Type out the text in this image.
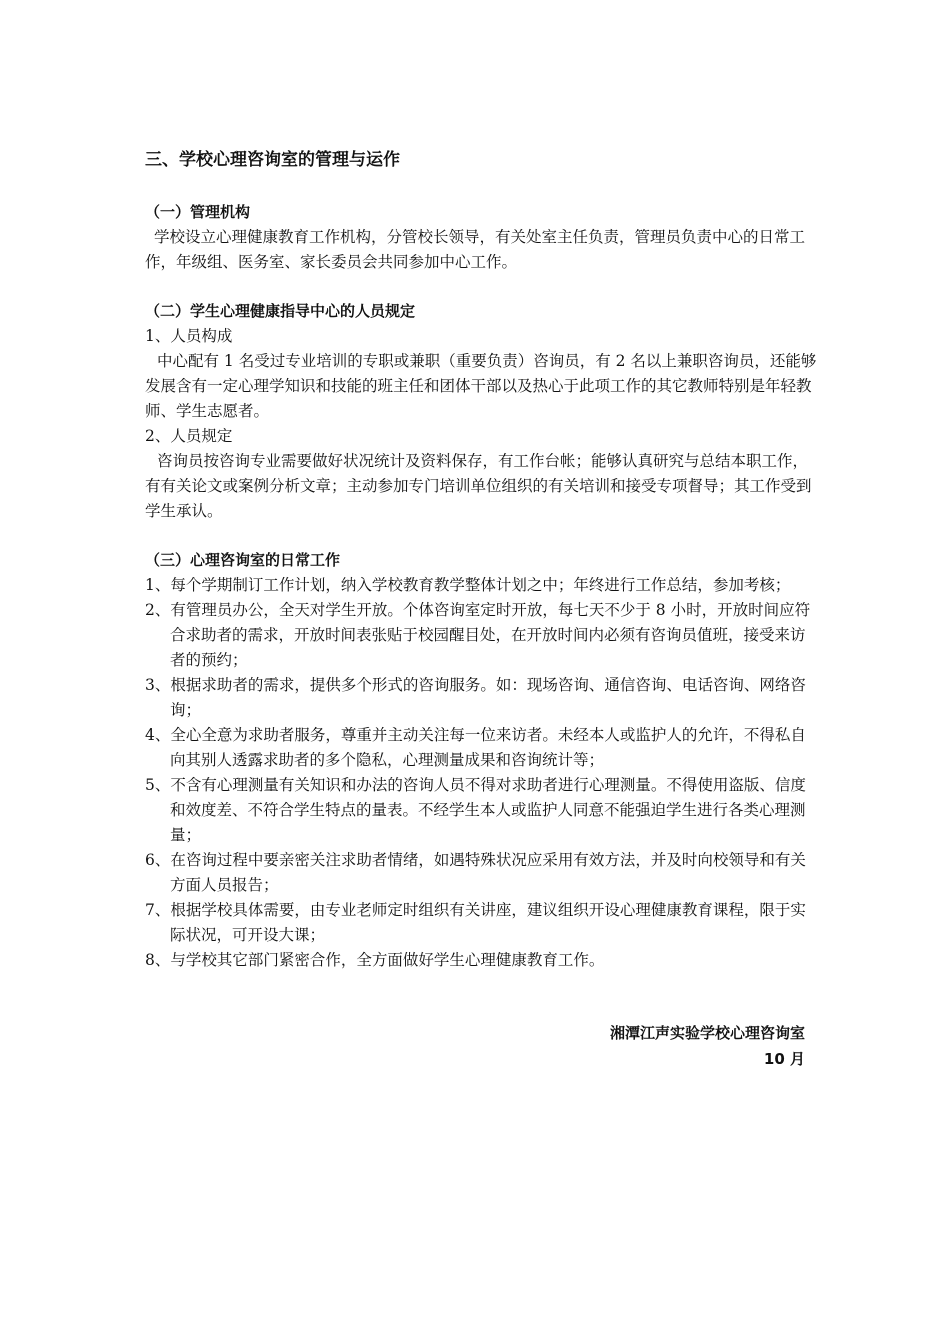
三、学校心理咨询室的管理与运作

（一）管理机构

学校设立心理健康教育工作机构，分管校长领导，有关处室主任负责，管理员负责中心的日常工作，年级组、医务室、家长委员会共同参加中心工作。

（二）学生心理健康指导中心的人员规定

1、人员构成

中心配有 1 名受过专业培训的专职或兼职（重要负责）咨询员，有 2 名以上兼职咨询员，还能够发展含有一定心理学知识和技能的班主任和团体干部以及热心于此项工作的其它教师特别是年轻教师、学生志愿者。

2、人员规定

咨询员按咨询专业需要做好状况统计及资料保存，有工作台帐；能够认真研究与总结本职工作，有有关论文或案例分析文章；主动参加专门培训单位组织的有关培训和接受专项督导；其工作受到学生承认。

（三）心理咨询室的日常工作

1、每个学期制订工作计划，纳入学校教育教学整体计划之中；年终进行工作总结，参加考核；
2、有管理员办公，全天对学生开放。个体咨询室定时开放，每七天不少于 8 小时，开放时间应符合求助者的需求，开放时间表张贴于校园醒目处，在开放时间内必须有咨询员值班，接受来访者的预约；
3、根据求助者的需求，提供多个形式的咨询服务。如：现场咨询、通信咨询、电话咨询、网络咨询；
4、全心全意为求助者服务，尊重并主动关注每一位来访者。未经本人或监护人的允许，不得私自向其别人透露求助者的多个隐私，心理测量成果和咨询统计等；
5、不含有心理测量有关知识和办法的咨询人员不得对求助者进行心理测量。不得使用盗版、信度和效度差、不符合学生特点的量表。不经学生本人或监护人同意不能强迫学生进行各类心理测量；
6、在咨询过程中要亲密关注求助者情绪，如遇特殊状况应采用有效方法，并及时向校领导和有关方面人员报告；
7、根据学校具体需要，由专业老师定时组织有关讲座，建议组织开设心理健康教育课程，限于实际状况，可开设大课；
8、与学校其它部门紧密合作，全方面做好学生心理健康教育工作。
湘潭江声实验学校心理咨询室
10 月
